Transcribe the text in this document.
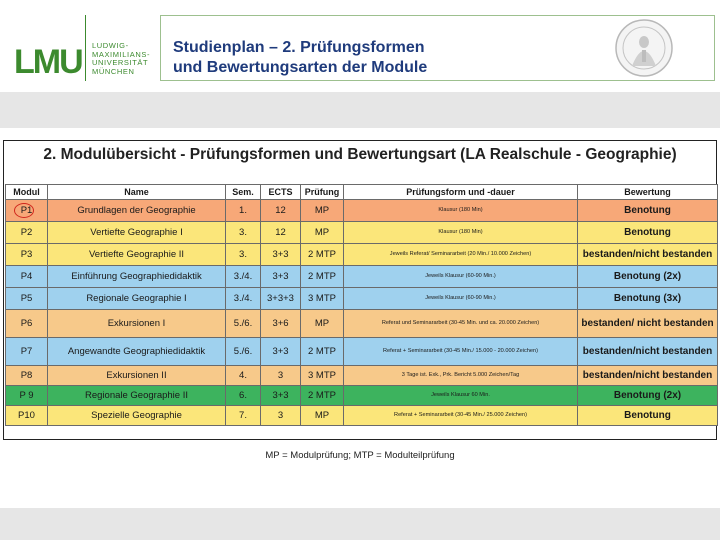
LMU LUDWIG-
MAXIMILIANS-
UNIVERSITÄT
MÜNCHEN
Studienplan – 2. Prüfungsformen
und Bewertungsarten der Module
2. Modulübersicht - Prüfungsformen und Bewertungsart (LA Realschule - Geographie)
Modul	Name	Sem.	ECTS	Prüfung	Prüfungsform und -dauer	Bewertung
P1	Grundlagen der Geographie	1.	12	MP	Klausur (180 Min)	Benotung
P2	Vertiefte Geographie I	3.	12	MP	Klausur (180 Min)	Benotung
P3	Vertiefte Geographie II	3.	3+3	2 MTP	Jeweils Referat/ Seminararbeit (20 Min./ 10.000 Zeichen)	bestanden/nicht bestanden
P4	Einführung Geographiedidaktik	3./4.	3+3	2 MTP	Jeweils Klausur (60-90 Min.)	Benotung (2x)
P5	Regionale Geographie I	3./4.	3+3+3	3 MTP	Jeweils Klausur (60-90 Min.)	Benotung (3x)
P6	Exkursionen I	5./6.	3+6	MP	Referat und Seminararbeit (30-45 Min. und ca. 20.000 Zeichen)	bestanden/ nicht bestanden
P7	Angewandte Geographiedidaktik	5./6.	3+3	2 MTP	Referat + Seminararbeit (30-45 Min./ 15.000 - 20.000 Zeichen)	bestanden/nicht bestanden
P8	Exkursionen II	4.	3	3 MTP	3 Tage ist. Exk., Prk. Bericht 5.000 Zeichen/Tag	bestanden/nicht bestanden
P 9	Regionale Geographie II	6.	3+3	2 MTP	Jeweils Klausur 60 Min.	Benotung (2x)
P10	Spezielle Geographie	7.	3	MP	Referat + Seminararbeit (30-45 Min./ 25.000 Zeichen)	Benotung
MP = Modulprüfung; MTP = Modulteilprüfung
